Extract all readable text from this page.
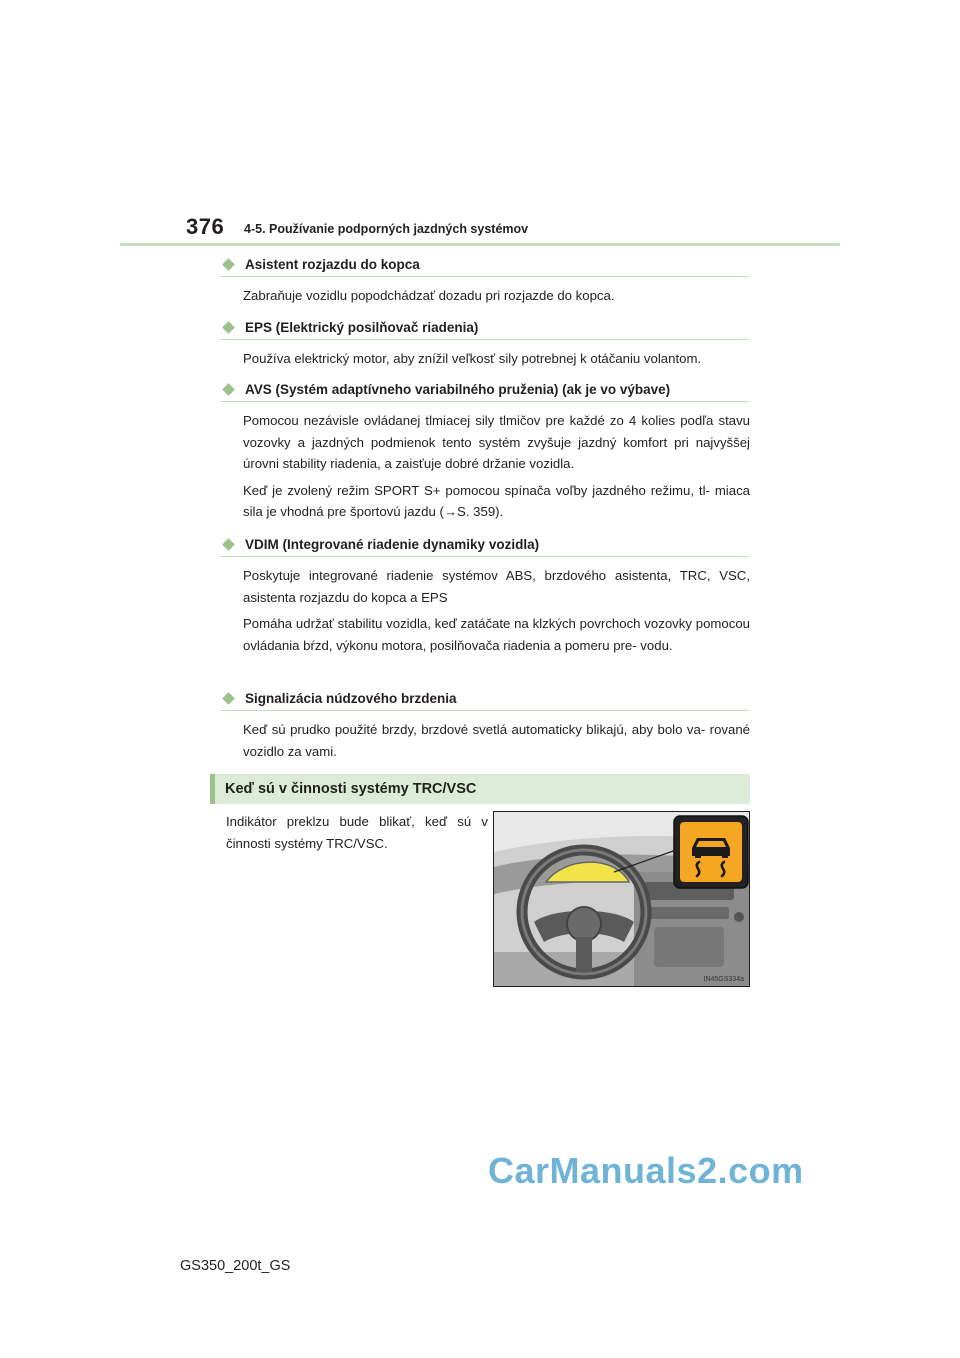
376 4-5. Používanie podporných jazdných systémov
Asistent rozjazdu do kopca

Zabraňuje vozidlu popodchádzať dozadu pri rozjazde do kopca.

EPS (Elektrický posilňovač riadenia)

Používa elektrický motor, aby znížil veľkosť sily potrebnej k otáčaniu volantom.

AVS (Systém adaptívneho variabilného pruženia) (ak je vo výbave)

Pomocou nezávisle ovládanej tlmiacej sily tlmičov pre každé zo 4 kolies podľa stavu vozovky a jazdných podmienok tento systém zvyšuje jazdný komfort pri najvyššej úrovni stability riadenia, a zaisťuje dobré držanie vozidla.

Keď je zvolený režim SPORT S+ pomocou spínača voľby jazdného režimu, tl- miaca sila je vhodná pre športovú jazdu (→S. 359).

VDIM (Integrované riadenie dynamiky vozidla)

Poskytuje integrované riadenie systémov ABS, brzdového asistenta, TRC, VSC, asistenta rozjazdu do kopca a EPS

Pomáha udržať stabilitu vozidla, keď zatáčate na klzkých povrchoch vozovky pomocou ovládania bŕzd, výkonu motora, posilňovača riadenia a pomeru pre- vodu.

Signalizácia núdzového brzdenia

Keď sú prudko použité brzdy, brzdové svetlá automaticky blikajú, aby bolo va- rované vozidlo za vami.

Keď sú v činnosti systémy TRC/VSC

Indikátor preklzu bude blikať, keď sú v činnosti systémy TRC/VSC.

IN45GS334a
CarManuals2.com
GS350_200t_GS
